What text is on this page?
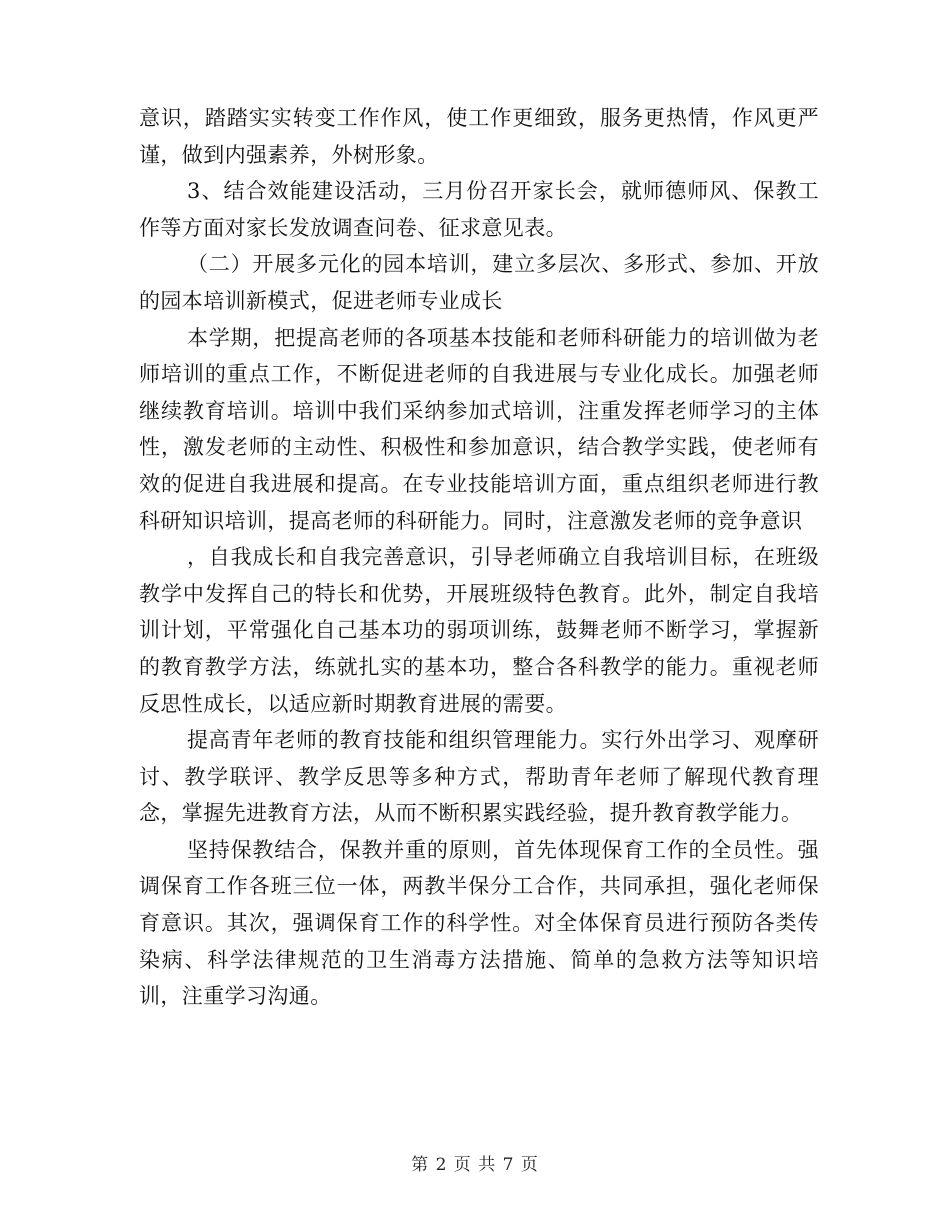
意识，踏踏实实转变工作作风，使工作更细致，服务更热情，作风更严谨，做到内强素养，外树形象。

3、结合效能建设活动，三月份召开家长会，就师德师风、保教工作等方面对家长发放调查问卷、征求意见表。

（二）开展多元化的园本培训，建立多层次、多形式、参加、开放的园本培训新模式，促进老师专业成长

本学期，把提高老师的各项基本技能和老师科研能力的培训做为老师培训的重点工作，不断促进老师的自我进展与专业化成长。加强老师继续教育培训。培训中我们采纳参加式培训，注重发挥老师学习的主体性，激发老师的主动性、积极性和参加意识，结合教学实践，使老师有效的促进自我进展和提高。在专业技能培训方面，重点组织老师进行教科研知识培训，提高老师的科研能力。同时，注意激发老师的竞争意识

，自我成长和自我完善意识，引导老师确立自我培训目标，在班级教学中发挥自己的特长和优势，开展班级特色教育。此外，制定自我培训计划，平常强化自己基本功的弱项训练，鼓舞老师不断学习，掌握新的教育教学方法，练就扎实的基本功，整合各科教学的能力。重视老师反思性成长，以适应新时期教育进展的需要。

提高青年老师的教育技能和组织管理能力。实行外出学习、观摩研讨、教学联评、教学反思等多种方式，帮助青年老师了解现代教育理念，掌握先进教育方法，从而不断积累实践经验，提升教育教学能力。

坚持保教结合，保教并重的原则，首先体现保育工作的全员性。强调保育工作各班三位一体，两教半保分工合作，共同承担，强化老师保育意识。其次，强调保育工作的科学性。对全体保育员进行预防各类传染病、科学法律规范的卫生消毒方法措施、简单的急救方法等知识培训，注重学习沟通。

第 2 页 共 7 页
